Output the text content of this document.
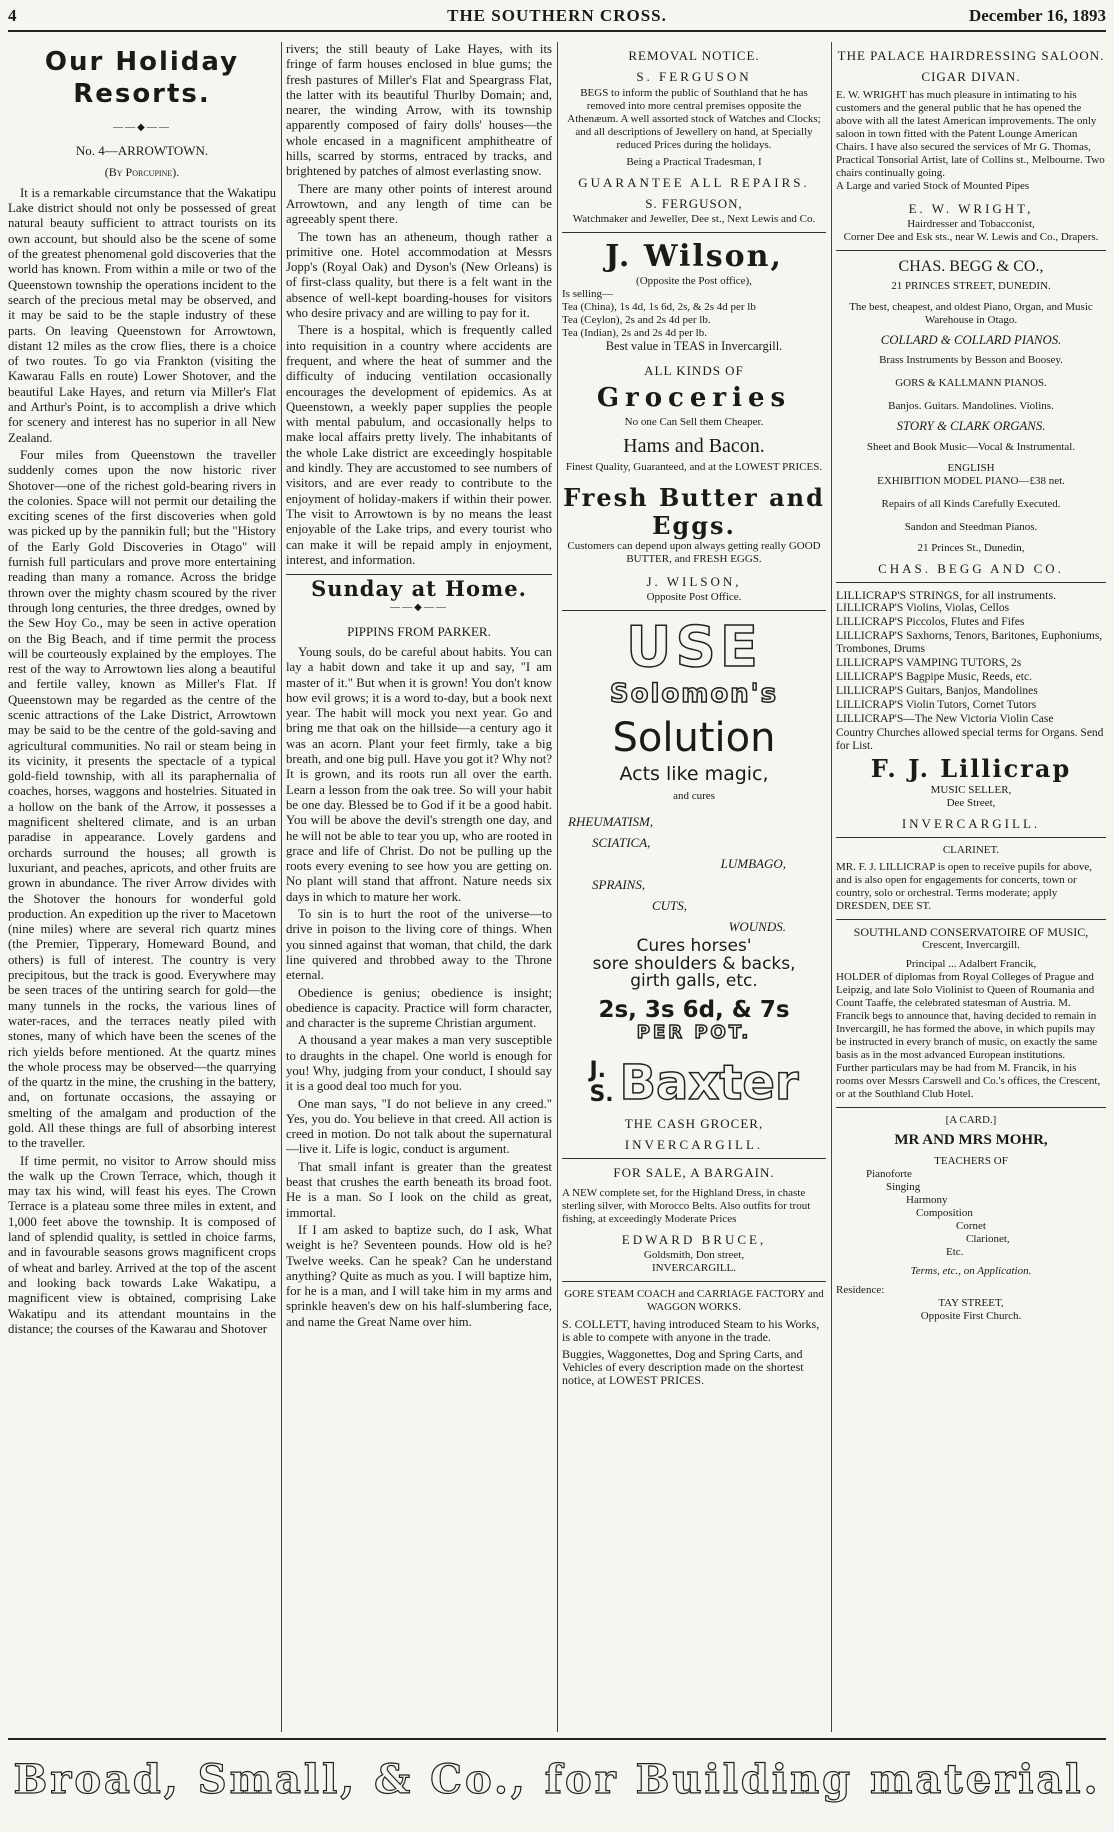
4	THE SOUTHERN CROSS.	December 16, 1893
Our Holiday Resorts.
——◆——
No. 4—ARROWTOWN.
(By Porcupine).

It is a remarkable circumstance that the Wakatipu Lake district should not only be possessed of great natural beauty sufficient to attract tourists on its own account, but should also be the scene of some of the greatest phenomenal gold discoveries that the world has known. From within a mile or two of the Queenstown township the operations incident to the search of the precious metal may be observed, and it may be said to be the staple industry of these parts. On leaving Queenstown for Arrowtown, distant 12 miles as the crow flies, there is a choice of two routes. To go via Frankton (visiting the Kawarau Falls en route) Lower Shotover, and the beautiful Lake Hayes, and return via Miller's Flat and Arthur's Point, is to accomplish a drive which for scenery and interest has no superior in all New Zealand.

Four miles from Queenstown the traveller suddenly comes upon the now historic river Shotover—one of the richest gold-bearing rivers in the colonies. Space will not permit our detailing the exciting scenes of the first discoveries when gold was picked up by the pannikin full; but the "History of the Early Gold Discoveries in Otago" will furnish full particulars and prove more entertaining reading than many a romance. Across the bridge thrown over the mighty chasm scoured by the river through long centuries, the three dredges, owned by the Sew Hoy Co., may be seen in active operation on the Big Beach, and if time permit the process will be courteously explained by the employes. The rest of the way to Arrowtown lies along a beautiful and fertile valley, known as Miller's Flat. If Queenstown may be regarded as the centre of the scenic attractions of the Lake District, Arrowtown may be said to be the centre of the gold-saving and agricultural communities. No rail or steam being in its vicinity, it presents the spectacle of a typical gold-field township, with all its paraphernalia of coaches, horses, waggons and hostelries. Situated in a hollow on the bank of the Arrow, it possesses a magnificent sheltered climate, and is an urban paradise in appearance. Lovely gardens and orchards surround the houses; all growth is luxuriant, and peaches, apricots, and other fruits are grown in abundance. The river Arrow divides with the Shotover the honours for wonderful gold production. An expedition up the river to Macetown (nine miles) where are several rich quartz mines (the Premier, Tipperary, Homeward Bound, and others) is full of interest. The country is very precipitous, but the track is good. Everywhere may be seen traces of the untiring search for gold—the many tunnels in the rocks, the various lines of water-races, and the terraces neatly piled with stones, many of which have been the scenes of the rich yields before mentioned. At the quartz mines the whole process may be observed—the quarrying of the quartz in the mine, the crushing in the battery, and, on fortunate occasions, the assaying or smelting of the amalgam and production of the gold. All these things are full of absorbing interest to the traveller.

If time permit, no visitor to Arrow should miss the walk up the Crown Terrace, which, though it may tax his wind, will feast his eyes. The Crown Terrace is a plateau some three miles in extent, and 1,000 feet above the township. It is composed of land of splendid quality, is settled in choice farms, and in favourable seasons grows magnificent crops of wheat and barley. Arrived at the top of the ascent and looking back towards Lake Wakatipu, a magnificent view is obtained, comprising Lake Wakatipu and its attendant mountains in the distance; the courses of the Kawarau and Shotover

rivers; the still beauty of Lake Hayes, with its fringe of farm houses enclosed in blue gums; the fresh pastures of Miller's Flat and Speargrass Flat, the latter with its beautiful Thurlby Domain; and, nearer, the winding Arrow, with its township apparently composed of fairy dolls' houses—the whole encased in a magnificent amphitheatre of hills, scarred by storms, entraced by tracks, and brightened by patches of almost everlasting snow.

There are many other points of interest around Arrowtown, and any length of time can be agreeably spent there.

The town has an atheneum, though rather a primitive one. Hotel accommodation at Messrs Jopp's (Royal Oak) and Dyson's (New Orleans) is of first-class quality, but there is a felt want in the absence of well-kept boarding-houses for visitors who desire privacy and are willing to pay for it.

There is a hospital, which is frequently called into requisition in a country where accidents are frequent, and where the heat of summer and the difficulty of inducing ventilation occasionally encourages the development of epidemics. As at Queenstown, a weekly paper supplies the people with mental pabulum, and occasionally helps to make local affairs pretty lively. The inhabitants of the whole Lake district are exceedingly hospitable and kindly. They are accustomed to see numbers of visitors, and are ever ready to contribute to the enjoyment of holiday-makers if within their power. The visit to Arrowtown is by no means the least enjoyable of the Lake trips, and every tourist who can make it will be repaid amply in enjoyment, interest, and information.

Sunday at Home.
——◆——
PIPPINS FROM PARKER.

Young souls, do be careful about habits. You can lay a habit down and take it up and say, "I am master of it." But when it is grown! You don't know how evil grows; it is a word to-day, but a book next year. The habit will mock you next year. Go and bring me that oak on the hillside—a century ago it was an acorn. Plant your feet firmly, take a big breath, and one big pull. Have you got it? Why not? It is grown, and its roots run all over the earth. Learn a lesson from the oak tree. So will your habit be one day. Blessed be to God if it be a good habit. You will be above the devil's strength one day, and he will not be able to tear you up, who are rooted in grace and life of Christ. Do not be pulling up the roots every evening to see how you are getting on. No plant will stand that affront. Nature needs six days in which to mature her work.

To sin is to hurt the root of the universe—to drive in poison to the living core of things. When you sinned against that woman, that child, the dark line quivered and throbbed away to the Throne eternal.

Obedience is genius; obedience is insight; obedience is capacity. Practice will form character, and character is the supreme Christian argument.

A thousand a year makes a man very susceptible to draughts in the chapel. One world is enough for you! Why, judging from your conduct, I should say it is a good deal too much for you.

One man says, "I do not believe in any creed." Yes, you do. You believe in that creed. All action is creed in motion. Do not talk about the supernatural—live it. Life is logic, conduct is argument.

That small infant is greater than the greatest beast that crushes the earth beneath its broad foot. He is a man. So I look on the child as great, immortal.

If I am asked to baptize such, do I ask, What weight is he? Seventeen pounds. How old is he? Twelve weeks. Can he speak? Can he understand anything? Quite as much as you. I will baptize him, for he is a man, and I will take him in my arms and sprinkle heaven's dew on his half-slumbering face, and name the Great Name over him.

REMOVAL NOTICE.
S. FERGUSON
BEGS to inform the public of Southland that he has removed into more central premises opposite the Athenæum. A well assorted stock of Watches and Clocks; and all descriptions of Jewellery on hand, at Specially reduced Prices during the holidays.
Being a Practical Tradesman, I
GUARANTEE ALL REPAIRS.
S. FERGUSON,
Watchmaker and Jeweller, Dee st., Next Lewis and Co.
J. Wilson,
(Opposite the Post office),
Is selling—
Tea (China), 1s 4d, 1s 6d, 2s, & 2s 4d per lb
Tea (Ceylon), 2s and 2s 4d per lb.
Tea (Indian), 2s and 2s 4d per lb.
Best value in TEAS in Invercargill.
ALL KINDS OF
Groceries
No one Can Sell them Cheaper.
Hams and Bacon.
Finest Quality, Guaranteed, and at the LOWEST PRICES.
Fresh Butter and Eggs.
Customers can depend upon always getting really GOOD BUTTER, and FRESH EGGS.
J. WILSON,
Opposite Post Office.
USE
Solomon's
Solution
Acts like magic,
and cures
RHEUMATISM,
SCIATICA,
LUMBAGO,
SPRAINS,
CUTS,
WOUNDS.
Cures horses'
sore shoulders & backs,
girth galls, etc.
2s, 3s 6d, & 7s
PER POT.
J. S. Baxter
THE CASH GROCER,
INVERCARGILL.
FOR SALE, A BARGAIN.
A NEW complete set, for the Highland Dress, in chaste sterling silver, with Morocco Belts. Also outfits for trout fishing, at exceedingly Moderate Prices
EDWARD BRUCE,
Goldsmith, Don street,
INVERCARGILL.
GORE STEAM COACH and CARRIAGE FACTORY and WAGGON WORKS.
S. COLLETT, having introduced Steam to his Works, is able to compete with anyone in the trade.
Buggies, Waggonettes, Dog and Spring Carts, and Vehicles of every description made on the shortest notice, at LOWEST PRICES.
THE PALACE HAIRDRESSING SALOON.
CIGAR DIVAN.
E. W. WRIGHT has much pleasure in intimating to his customers and the general public that he has opened the above with all the latest American improvements. The only saloon in town fitted with the Patent Lounge American Chairs. I have also secured the services of Mr G. Thomas, Practical Tonsorial Artist, late of Collins st., Melbourne. Two chairs continually going.
A Large and varied Stock of Mounted Pipes
E. W. WRIGHT,
Hairdresser and Tobacconist,
Corner Dee and Esk sts., near W. Lewis and Co., Drapers.
CHAS. BEGG & CO.,
21 PRINCES STREET, DUNEDIN.
The best, cheapest, and oldest Piano, Organ, and Music Warehouse in Otago.
COLLARD & COLLARD PIANOS.
Brass Instruments by Besson and Boosey.
GORS & KALLMANN PIANOS.
Banjos. Guitars. Mandolines. Violins.
STORY & CLARK ORGANS.
Sheet and Book Music—Vocal & Instrumental.
ENGLISH
EXHIBITION MODEL PIANO—£38 net.
Repairs of all Kinds Carefully Executed.
Sandon and Steedman Pianos.
21 Princes St., Dunedin,
CHAS. BEGG AND CO.
LILLICRAP'S STRINGS, for all instruments.

LILLICRAP'S Violins, Violas, Cellos

LILLICRAP'S Piccolos, Flutes and Fifes

LILLICRAP'S Saxhorns, Tenors, Baritones, Euphoniums, Trombones, Drums

LILLICRAP'S VAMPING TUTORS, 2s

LILLICRAP'S Bagpipe Music, Reeds, etc.

LILLICRAP'S Guitars, Banjos, Mandolines

LILLICRAP'S Violin Tutors, Cornet Tutors

LILLICRAP'S—The New Victoria Violin Case

Country Churches allowed special terms for Organs. Send for List.

F. J. Lillicrap
MUSIC SELLER,
Dee Street,
INVERCARGILL.
CLARINET.
MR. F. J. LILLICRAP is open to receive pupils for above, and is also open for engagements for concerts, town or country, solo or orchestral. Terms moderate; apply DRESDEN, DEE ST.
SOUTHLAND CONSERVATOIRE OF MUSIC,
Crescent, Invercargill.
Principal ... Adalbert Francik,
HOLDER of diplomas from Royal Colleges of Prague and Leipzig, and late Solo Violinist to Queen of Roumania and Count Taaffe, the celebrated statesman of Austria. M. Francik begs to announce that, having decided to remain in Invercargill, he has formed the above, in which pupils may be instructed in every branch of music, on exactly the same basis as in the most advanced European institutions.
Further particulars may be had from M. Francik, in his rooms over Messrs Carswell and Co.'s offices, the Crescent, or at the Southland Club Hotel.
[A CARD.]
MR AND MRS MOHR,
TEACHERS OF
Pianoforte
Singing
Harmony
Composition
Cornet
Clarionet,
Etc.
Terms, etc., on Application.
Residence:
TAY STREET,
Opposite First Church.
Broad, Small, & Co., for Building material.
